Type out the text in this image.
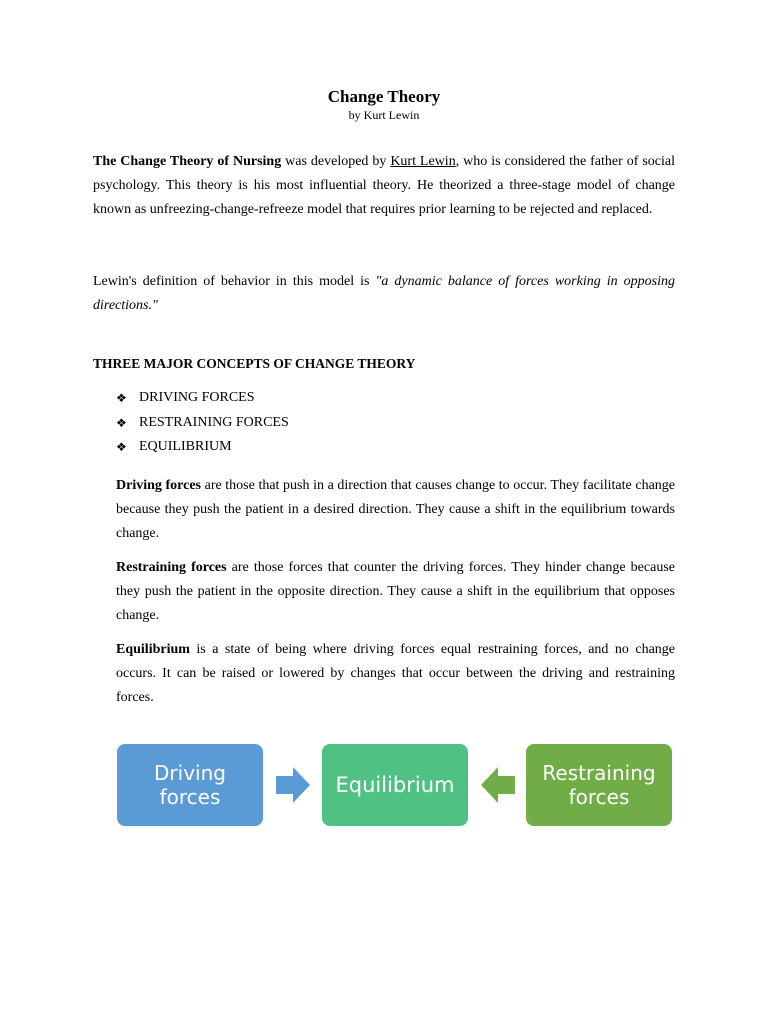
Change Theory
by Kurt Lewin

The Change Theory of Nursing was developed by Kurt Lewin, who is considered the father of social psychology. This theory is his most influential theory. He theorized a three-stage model of change known as unfreezing-change-refreeze model that requires prior learning to be rejected and replaced.

Lewin's definition of behavior in this model is "a dynamic balance of forces working in opposing directions."

THREE MAJOR CONCEPTS OF CHANGE THEORY
❖ DRIVING FORCES
❖ RESTRAINING FORCES
❖ EQUILIBRIUM

Driving forces are those that push in a direction that causes change to occur. They facilitate change because they push the patient in a desired direction. They cause a shift in the equilibrium towards change.

Restraining forces are those forces that counter the driving forces. They hinder change because they push the patient in the opposite direction. They cause a shift in the equilibrium that opposes change.

Equilibrium is a state of being where driving forces equal restraining forces, and no change occurs. It can be raised or lowered by changes that occur between the driving and restraining forces.

Driving
forces	Equilibrium	Restraining
forces
